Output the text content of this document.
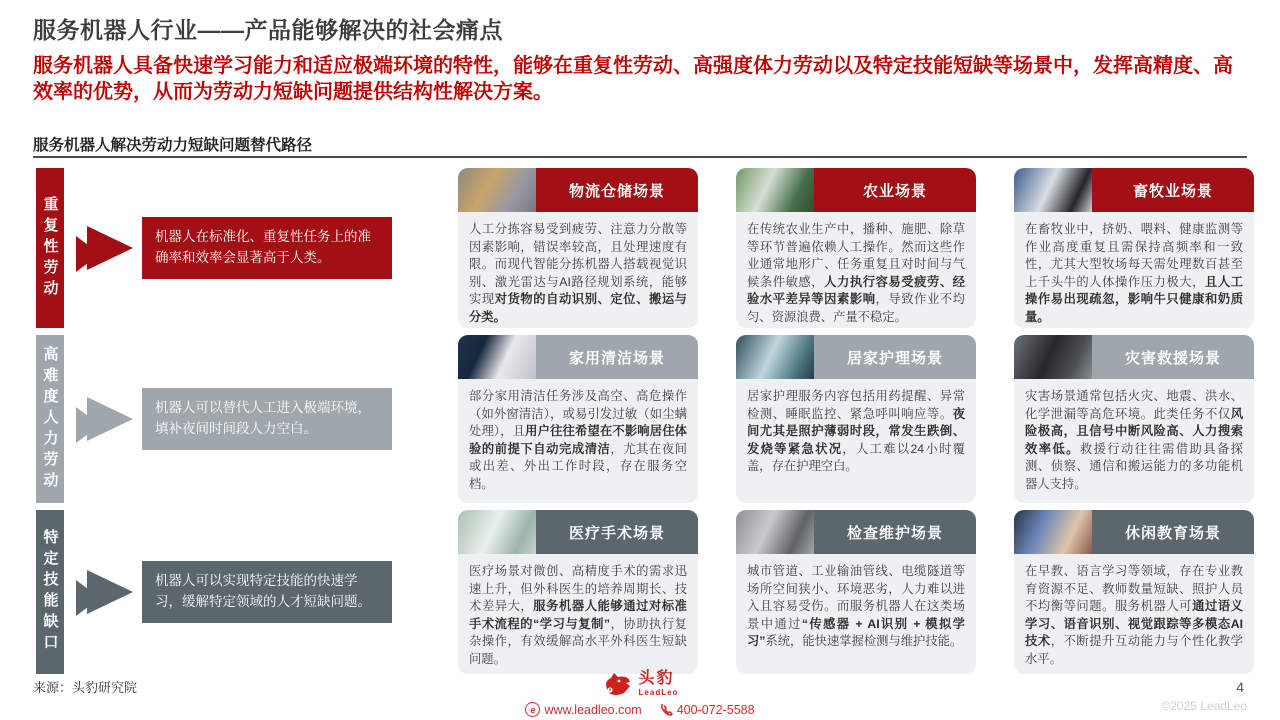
服务机器人行业——产品能够解决的社会痛点
服务机器人具备快速学习能力和适应极端环境的特性，能够在重复性劳动、高强度体力劳动以及特定技能短缺等场景中，发挥高精度、高效率的优势，从而为劳动力短缺问题提供结构性解决方案。
服务机器人解决劳动力短缺问题替代路径
重复性劳动	机器人在标准化、重复性任务上的准确率和效率会显著高于人类。
物流仓储场景
人工分拣容易受到疲劳、注意力分散等因素影响，错误率较高，且处理速度有限。而现代智能分拣机器人搭载视觉识别、激光雷达与AI路径规划系统，能够实现对货物的自动识别、定位、搬运与分类。
农业场景
在传统农业生产中，播种、施肥、除草等环节普遍依赖人工操作。然而这些作业通常地形广、任务重复且对时间与气候条件敏感，人力执行容易受疲劳、经验水平差异等因素影响，导致作业不均匀、资源浪费、产量不稳定。
畜牧业场景
在畜牧业中，挤奶、喂料、健康监测等作业高度重复且需保持高频率和一致性，尤其大型牧场每天需处理数百甚至上千头牛的人体操作压力极大，且人工操作易出现疏忽，影响牛只健康和奶质量。
高难度人力劳动	机器人可以替代人工进入极端环境，填补夜间时间段人力空白。
家用清洁场景
部分家用清洁任务涉及高空、高危操作（如外窗清洁），或易引发过敏（如尘螨处理），且用户往往希望在不影响居住体验的前提下自动完成清洁，尤其在夜间或出差、外出工作时段，存在服务空档。
居家护理场景
居家护理服务内容包括用药提醒、异常检测、睡眠监控、紧急呼叫响应等。夜间尤其是照护薄弱时段，常发生跌倒、发烧等紧急状况，人工难以24小时覆盖，存在护理空白。
灾害救援场景
灾害场景通常包括火灾、地震、洪水、化学泄漏等高危环境。此类任务不仅风险极高，且信号中断风险高、人力搜索效率低。救援行动往往需借助具备探测、侦察、通信和搬运能力的多功能机器人支持。
特定技能缺口	机器人可以实现特定技能的快速学习，缓解特定领域的人才短缺问题。
医疗手术场景
医疗场景对微创、高精度手术的需求迅速上升，但外科医生的培养周期长、技术差异大，服务机器人能够通过对标准手术流程的“学习与复制”，协助执行复杂操作，有效缓解高水平外科医生短缺问题。
检查维护场景
城市管道、工业输油管线、电缆隧道等场所空间狭小、环境恶劣，人力难以进入且容易受伤。而服务机器人在这类场景中通过“传感器 + AI识别 + 模拟学习”系统，能快速掌握检测与维护技能。
休闲教育场景
在早教、语言学习等领域，存在专业教育资源不足、教师数量短缺、照护人员不均衡等问题。服务机器人可通过语义学习、语音识别、视觉跟踪等多模态AI技术，不断提升互动能力与个性化教学水平。
来源：头豹研究院
头豹
LeadLeo
e www.leadleo.com	400-072-5588
4
©2025 LeadLeo
